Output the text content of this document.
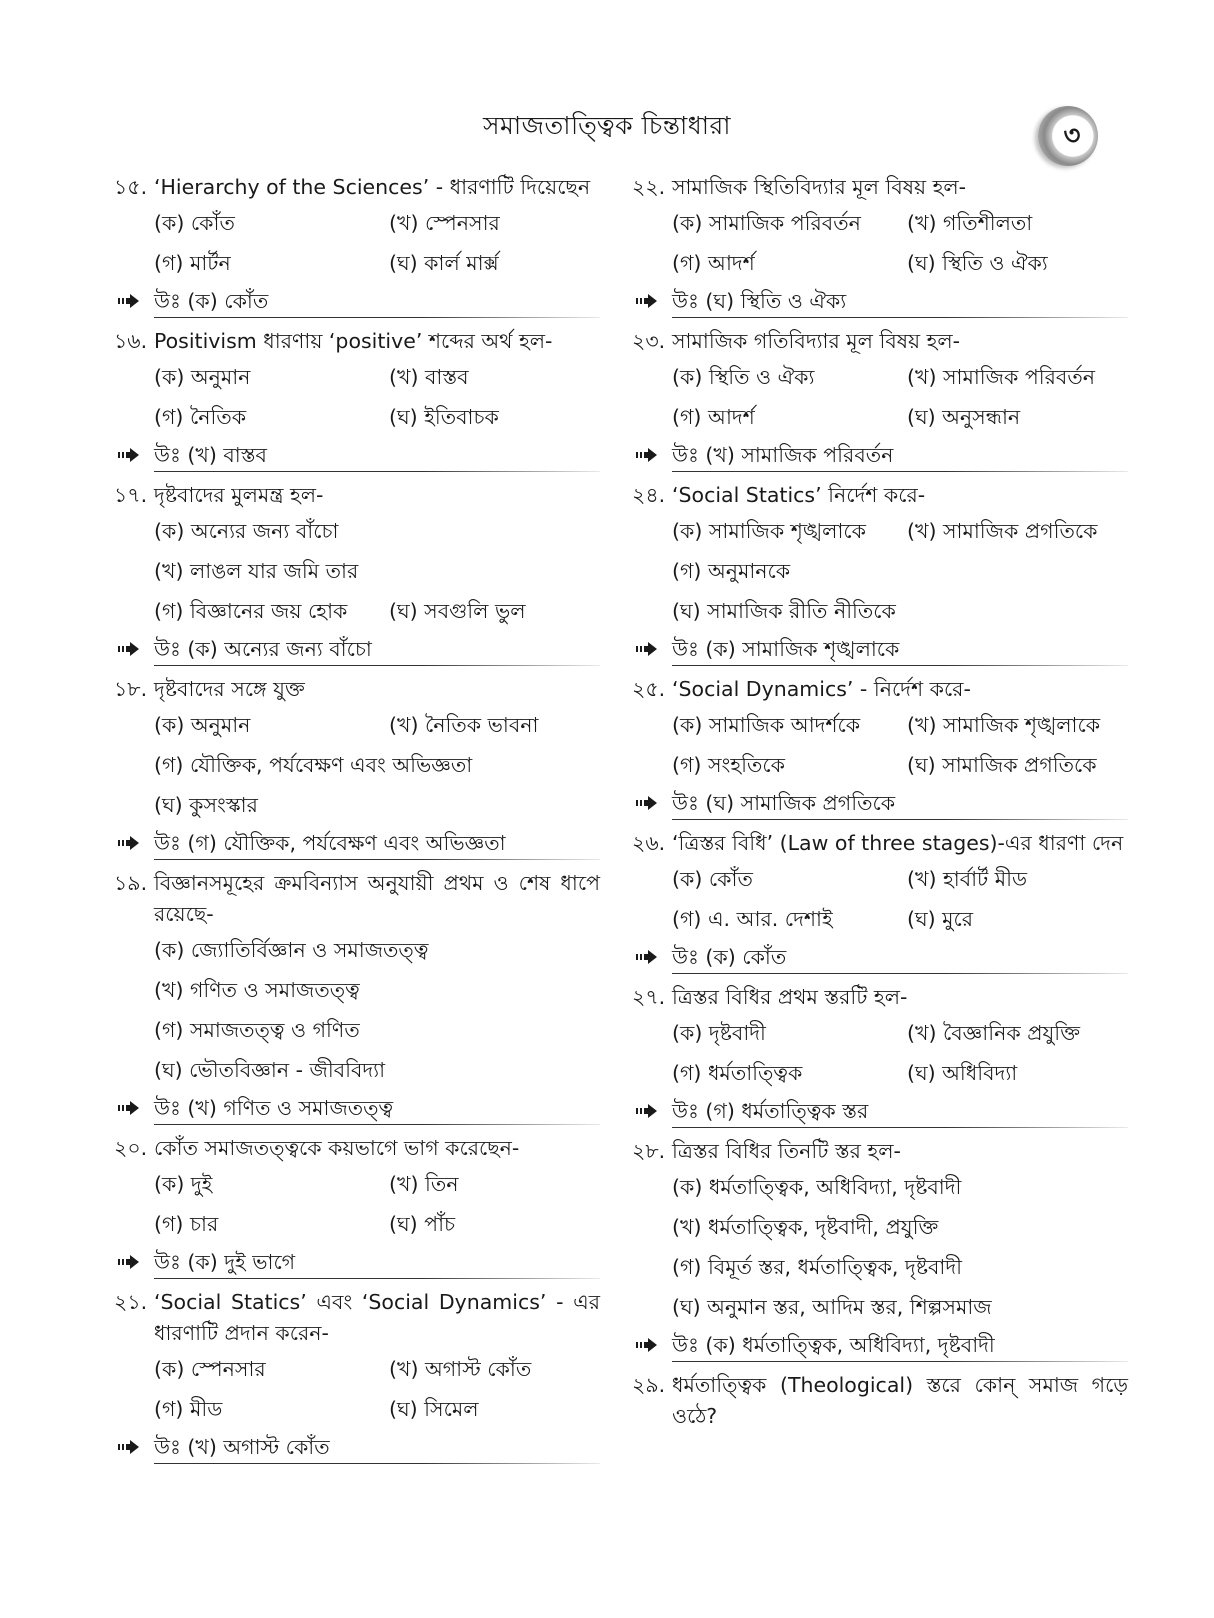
সমাজতাত্ত্বিক চিন্তাধারা	৩
১৫. ‘Hierarchy of the Sciences’ - ধারণাটি দিয়েছেন
(ক) কোঁত	(খ) স্পেনসার
(গ) মার্টন	(ঘ) কার্ল মার্ক্স
উঃ (ক) কোঁত
১৬. Positivism ধারণায় ‘positive’ শব্দের অর্থ হল-
(ক) অনুমান	(খ) বাস্তব
(গ) নৈতিক	(ঘ) ইতিবাচক
উঃ (খ) বাস্তব
১৭. দৃষ্টবাদের মুলমন্ত্র হল-
(ক) অন্যের জন্য বাঁচো
(খ) লাঙল যার জমি তার
(গ) বিজ্ঞানের জয় হোক	(ঘ) সবগুলি ভুল
উঃ (ক) অন্যের জন্য বাঁচো
১৮. দৃষ্টবাদের সঙ্গে যুক্ত
(ক) অনুমান	(খ) নৈতিক ভাবনা
(গ) যৌক্তিক, পর্যবেক্ষণ এবং অভিজ্ঞতা
(ঘ) কুসংস্কার
উঃ (গ) যৌক্তিক, পর্যবেক্ষণ এবং অভিজ্ঞতা
১৯. বিজ্ঞানসমূহের ক্রমবিন্যাস অনুযায়ী প্রথম ও শেষ ধাপে রয়েছে-
(ক) জ্যোতির্বিজ্ঞান ও সমাজতত্ত্ব
(খ) গণিত ও সমাজতত্ত্ব
(গ) সমাজতত্ত্ব ও গণিত
(ঘ) ভৌতবিজ্ঞান - জীববিদ্যা
উঃ (খ) গণিত ও সমাজতত্ত্ব
২০. কোঁত সমাজতত্ত্বকে কয়ভাগে ভাগ করেছেন-
(ক) দুই	(খ) তিন
(গ) চার	(ঘ) পাঁচ
উঃ (ক) দুই ভাগে
২১. ‘Social Statics’ এবং ‘Social Dynamics’ - এর ধারণাটি প্রদান করেন-
(ক) স্পেনসার	(খ) অগাস্ট কোঁত
(গ) মীড	(ঘ) সিমেল
উঃ (খ) অগাস্ট কোঁত
২২. সামাজিক স্থিতিবিদ্যার মূল বিষয় হল-
(ক) সামাজিক পরিবর্তন	(খ) গতিশীলতা
(গ) আদর্শ	(ঘ) স্থিতি ও ঐক্য
উঃ (ঘ) স্থিতি ও ঐক্য
২৩. সামাজিক গতিবিদ্যার মূল বিষয় হল-
(ক) স্থিতি ও ঐক্য	(খ) সামাজিক পরিবর্তন
(গ) আদর্শ	(ঘ) অনুসন্ধান
উঃ (খ) সামাজিক পরিবর্তন
২৪. ‘Social Statics’ নির্দেশ করে-
(ক) সামাজিক শৃঙ্খলাকে	(খ) সামাজিক প্রগতিকে
(গ) অনুমানকে
(ঘ) সামাজিক রীতি নীতিকে
উঃ (ক) সামাজিক শৃঙ্খলাকে
২৫. ‘Social Dynamics’ - নির্দেশ করে-
(ক) সামাজিক আদর্শকে	(খ) সামাজিক শৃঙ্খলাকে
(গ) সংহতিকে	(ঘ) সামাজিক প্রগতিকে
উঃ (ঘ) সামাজিক প্রগতিকে
২৬. ‘ত্রিস্তর বিধি’ (Law of three stages)-এর ধারণা দেন
(ক) কোঁত	(খ) হার্বার্ট মীড
(গ) এ. আর. দেশাই	(ঘ) মুরে
উঃ (ক) কোঁত
২৭. ত্রিস্তর বিধির প্রথম স্তরটি হল-
(ক) দৃষ্টবাদী	(খ) বৈজ্ঞানিক প্রযুক্তি
(গ) ধর্মতাত্ত্বিক	(ঘ) অধিবিদ্যা
উঃ (গ) ধর্মতাত্ত্বিক স্তর
২৮. ত্রিস্তর বিধির তিনটি স্তর হল-
(ক) ধর্মতাত্ত্বিক, অধিবিদ্যা, দৃষ্টবাদী
(খ) ধর্মতাত্ত্বিক, দৃষ্টবাদী, প্রযুক্তি
(গ) বিমূর্ত স্তর, ধর্মতাত্ত্বিক, দৃষ্টবাদী
(ঘ) অনুমান স্তর, আদিম স্তর, শিল্পসমাজ
উঃ (ক) ধর্মতাত্ত্বিক, অধিবিদ্যা, দৃষ্টবাদী
২৯. ধর্মতাত্ত্বিক (Theological) স্তরে কোন্ সমাজ গড়ে ওঠে?
